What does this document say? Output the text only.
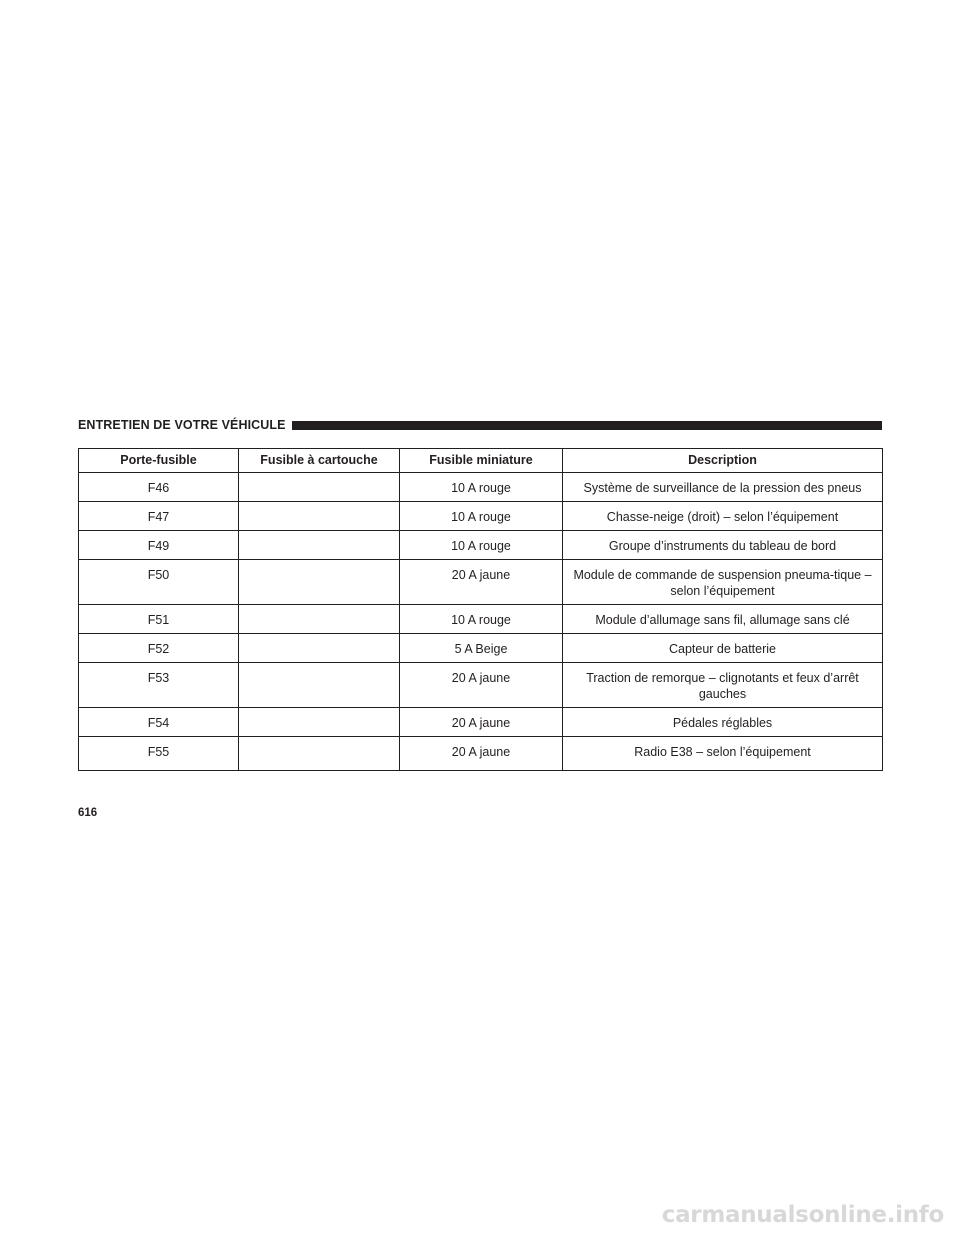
ENTRETIEN DE VOTRE VÉHICULE
Porte-fusible	Fusible à cartouche	Fusible miniature	Description
F46		10 A rouge	Système de surveillance de la pression des pneus
F47		10 A rouge	Chasse-neige (droit) – selon l’équipement
F49		10 A rouge	Groupe d’instruments du tableau de bord
F50		20 A jaune	Module de commande de suspension pneuma-tique – selon l’équipement
F51		10 A rouge	Module d’allumage sans fil, allumage sans clé
F52		5 A Beige	Capteur de batterie
F53		20 A jaune	Traction de remorque – clignotants et feux d’arrêt gauches
F54		20 A jaune	Pédales réglables
F55		20 A jaune	Radio E38 – selon l’équipement
616
carmanualsonline.info
